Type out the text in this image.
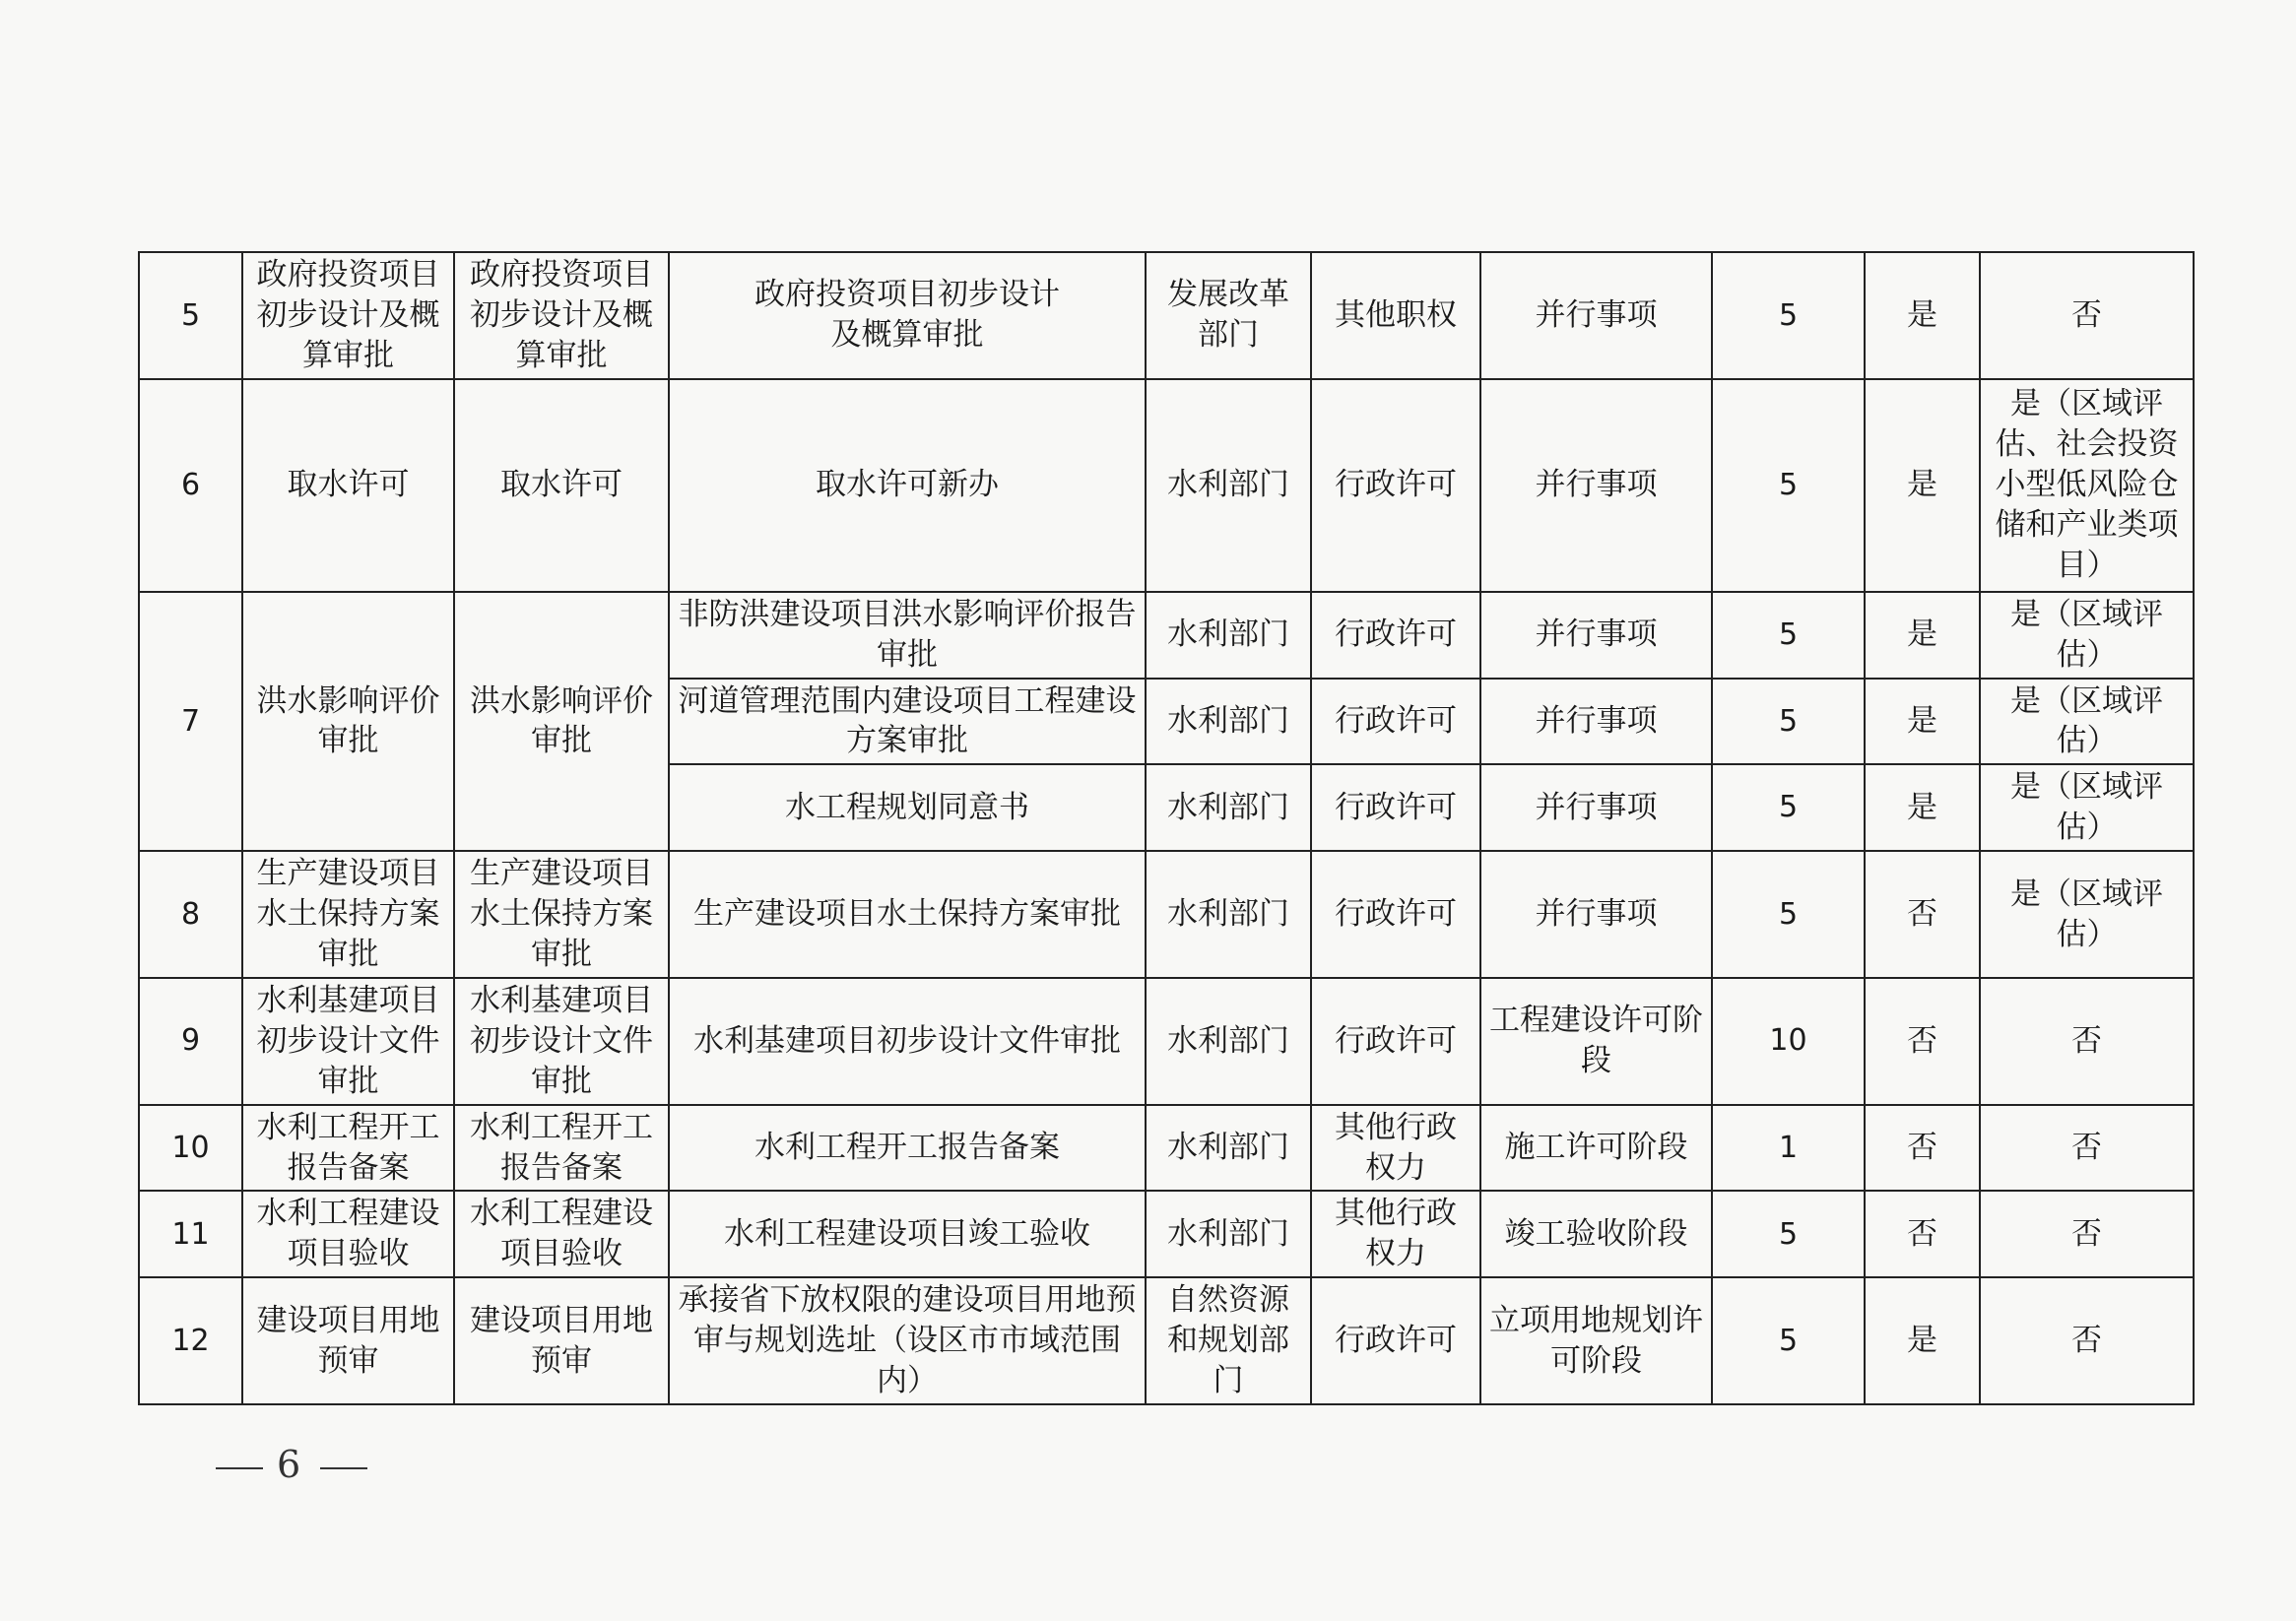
5	政府投资项目初步设计及概算审批	政府投资项目初步设计及概算审批	政府投资项目初步设计
及概算审批	发展改革部门	其他职权	并行事项	5	是	否
6	取水许可	取水许可	取水许可新办	水利部门	行政许可	并行事项	5	是	是（区域评估、社会投资小型低风险仓储和产业类项目）
7	洪水影响评价审批	洪水影响评价审批	非防洪建设项目洪水影响评价报告审批	水利部门	行政许可	并行事项	5	是	是（区域评估）
			河道管理范围内建设项目工程建设方案审批	水利部门	行政许可	并行事项	5	是	是（区域评估）
			水工程规划同意书	水利部门	行政许可	并行事项	5	是	是（区域评估）
8	生产建设项目水土保持方案审批	生产建设项目水土保持方案审批	生产建设项目水土保持方案审批	水利部门	行政许可	并行事项	5	否	是（区域评估）
9	水利基建项目初步设计文件审批	水利基建项目初步设计文件审批	水利基建项目初步设计文件审批	水利部门	行政许可	工程建设许可阶段	10	否	否
10	水利工程开工报告备案	水利工程开工报告备案	水利工程开工报告备案	水利部门	其他行政权力	施工许可阶段	1	否	否
11	水利工程建设项目验收	水利工程建设项目验收	水利工程建设项目竣工验收	水利部门	其他行政权力	竣工验收阶段	5	否	否
12	建设项目用地预审	建设项目用地预审	承接省下放权限的建设项目用地预审与规划选址（设区市市域范围内）	自然资源和规划部门	行政许可	立项用地规划许可阶段	5	是	否
6
